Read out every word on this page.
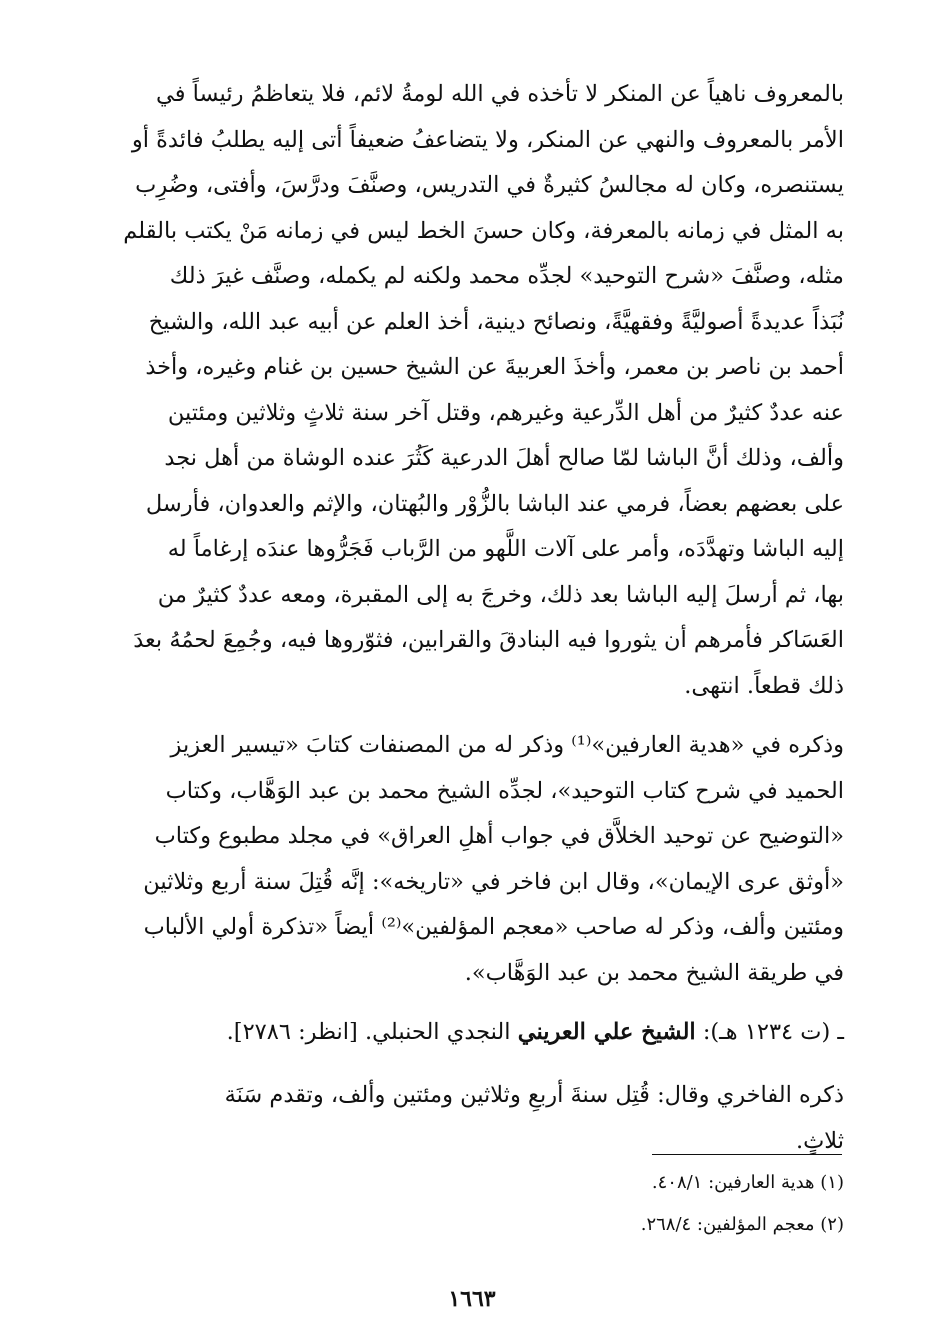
بالمعروف ناهياً عن المنكر لا تأخذه في الله لومةُ لائم، فلا يتعاظمُ رئيساً في

الأمر بالمعروف والنهي عن المنكر، ولا يتضاعفُ ضعيفاً أتى إليه يطلبُ فائدةً أو

يستنصره، وكان له مجالسُ كثيرةٌ في التدريس، وصنَّفَ ودرَّسَ، وأفتى، وضُرِب

به المثل في زمانه بالمعرفة، وكان حسنَ الخط ليس في زمانه مَنْ يكتب بالقلم

مثله، وصنَّفَ «شرح التوحيد» لجدِّه محمد ولكنه لم يكمله، وصنَّف غيرَ ذلك

نُبَذاً عديدةً أصوليَّةً وفقهيَّةً، ونصائح دينية، أخذ العلم عن أبيه عبد الله، والشيخ

أحمد بن ناصر بن معمر، وأخذَ العربيةَ عن الشيخ حسين بن غنام وغيره، وأخذ

عنه عددٌ كثيرٌ من أهل الدِّرعية وغيرهم، وقتل آخر سنة ثلاثٍ وثلاثين ومئتين

وألف، وذلك أنَّ الباشا لمّا صالح أهلَ الدرعية كَثُرَ عنده الوشاة من أهل نجد

على بعضهم بعضاً، فرمي عند الباشا بالزُّوْر والبُهتان، والإثم والعدوان، فأرسل

إليه الباشا وتهدَّدَه، وأمر على آلات اللَّهو من الرَّباب فَجَرُّوها عندَه إرغاماً له

بها، ثم أرسلَ إليه الباشا بعد ذلك، وخرجَ به إلى المقبرة، ومعه عددٌ كثيرٌ من

العَسَاكر فأمرهم أن يثوروا فيه البنادقَ والقرابين، فثوّروها فيه، وجُمِعَ لحمُهُ بعدَ

ذلك قطعاً. انتهى.

وذكره في «هدية العارفين»⁽¹⁾ وذكر له من المصنفات كتابَ «تيسير العزيز

الحميد في شرح كتاب التوحيد»، لجدِّه الشيخ محمد بن عبد الوَهَّاب، وكتاب

«التوضيح عن توحيد الخلاَّق في جواب أهلِ العراق» في مجلد مطبوع وكتاب

«أوثق عرى الإيمان»، وقال ابن فاخر في «تاريخه»: إنَّه قُتِلَ سنة أربع وثلاثين

ومئتين وألف، وذكر له صاحب «معجم المؤلفين»⁽²⁾ أيضاً «تذكرة أولي الألباب

في طريقة الشيخ محمد بن عبد الوَهَّاب».

ـ (ت ١٢٣٤ هـ): الشيخ علي العريني النجدي الحنبلي. [انظر: ٢٧٨٦].

ذكره الفاخري وقال: قُتِل سنةَ أربعِ وثلاثين ومئتين وألف، وتقدم سَنَة

ثلاثٍ.

(١) هدية العارفين: ٤٠٨/١.
(٢) معجم المؤلفين: ٢٦٨/٤.
١٦٦٣
